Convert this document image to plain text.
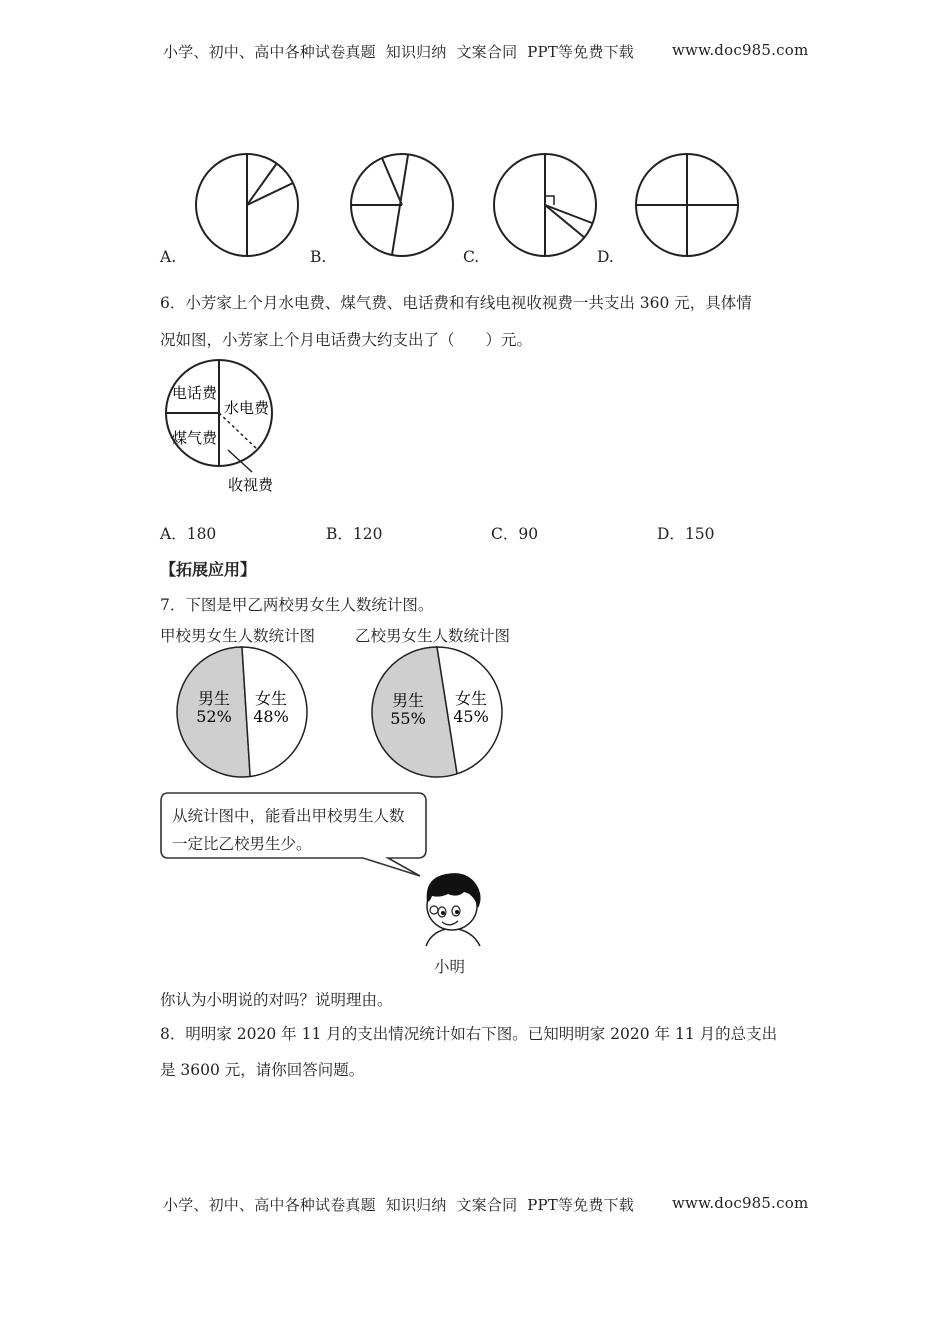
小学、初中、高中各种试卷真题  知识归纳  文案合同  PPT等免费下载	www.doc985.com
A.	B.	C.	D.
6．小芳家上个月水电费、煤气费、电话费和有线电视收视费一共支出 360 元，具体情
况如图，小芳家上个月电话费大约支出了（　　）元。
电话费
水电费
煤气费
收视费
A．180	B．120	C．90	D．150
【拓展应用】
7．下图是甲乙两校男女生人数统计图。
甲校男女生人数统计图	乙校男女生人数统计图
男生
52%
女生
48%
男生
55%
女生
45%
从统计图中，能看出甲校男生人数
一定比乙校男生少。
小明
你认为小明说的对吗？说明理由。
8．明明家 2020 年 11 月的支出情况统计如右下图。已知明明家 2020 年 11 月的总支出
是 3600 元，请你回答问题。
小学、初中、高中各种试卷真题  知识归纳  文案合同  PPT等免费下载	www.doc985.com
